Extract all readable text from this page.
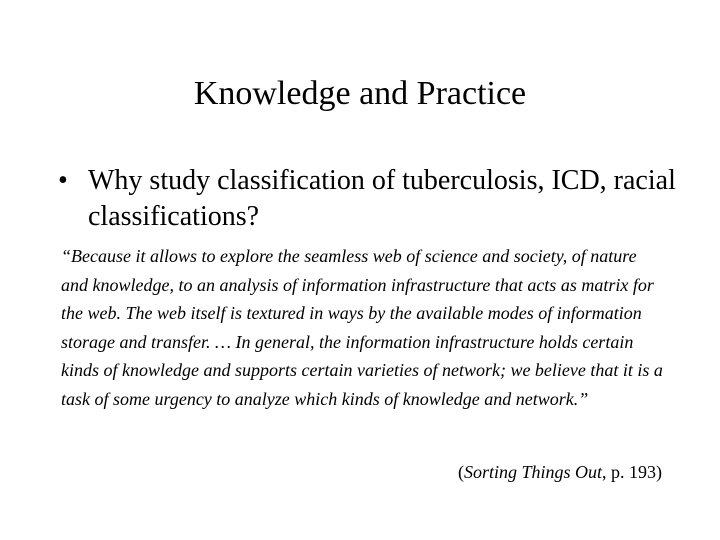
Knowledge and Practice
• Why study classification of tuberculosis, ICD, racial classifications?

“Because it allows to explore the seamless web of science and society, of nature and knowledge, to an analysis of information infrastructure that acts as matrix for the web. The web itself is textured in ways by the available modes of information storage and transfer. … In general, the information infrastructure holds certain kinds of knowledge and supports certain varieties of network; we believe that it is a task of some urgency to analyze which kinds of knowledge and network.”

(Sorting Things Out, p. 193)
